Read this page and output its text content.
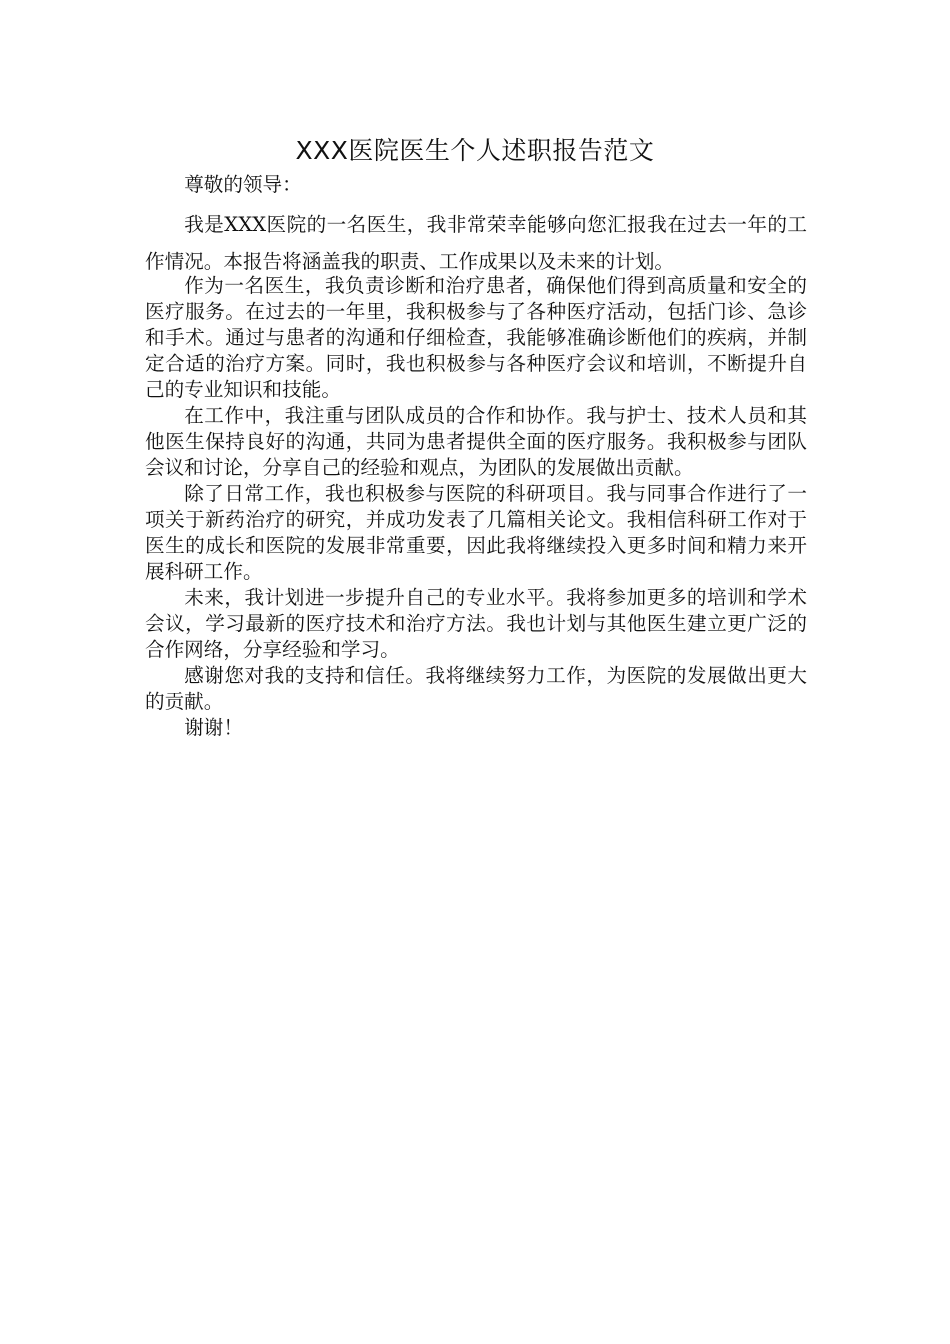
XXX医院医生个人述职报告范文

尊敬的领导：

我是XXX医院的一名医生，我非常荣幸能够向您汇报我在过去一年的工作情况。本报告将涵盖我的职责、工作成果以及未来的计划。

作为一名医生，我负责诊断和治疗患者，确保他们得到高质量和安全的医疗服务。在过去的一年里，我积极参与了各种医疗活动，包括门诊、急诊和手术。通过与患者的沟通和仔细检查，我能够准确诊断他们的疾病，并制定合适的治疗方案。同时，我也积极参与各种医疗会议和培训，不断提升自己的专业知识和技能。

在工作中，我注重与团队成员的合作和协作。我与护士、技术人员和其他医生保持良好的沟通，共同为患者提供全面的医疗服务。我积极参与团队会议和讨论，分享自己的经验和观点，为团队的发展做出贡献。

除了日常工作，我也积极参与医院的科研项目。我与同事合作进行了一项关于新药治疗的研究，并成功发表了几篇相关论文。我相信科研工作对于医生的成长和医院的发展非常重要，因此我将继续投入更多时间和精力来开展科研工作。

未来，我计划进一步提升自己的专业水平。我将参加更多的培训和学术会议，学习最新的医疗技术和治疗方法。我也计划与其他医生建立更广泛的合作网络，分享经验和学习。

感谢您对我的支持和信任。我将继续努力工作，为医院的发展做出更大的贡献。

谢谢！
